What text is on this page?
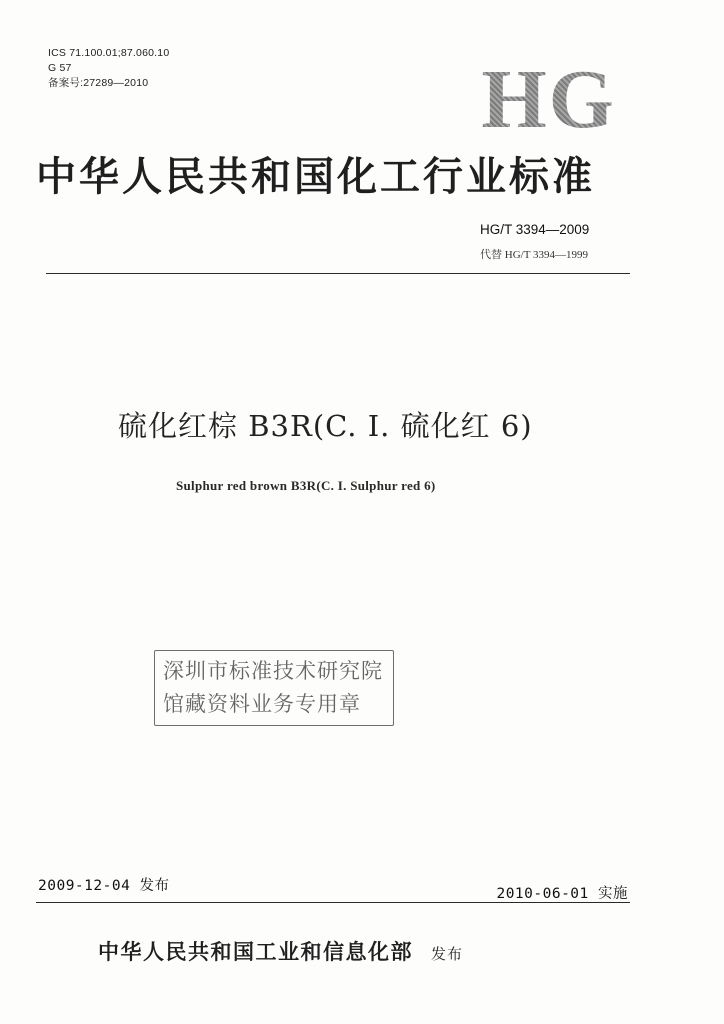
ICS 71.100.01;87.060.10
G 57
备案号:27289—2010	HG
中华人民共和国化工行业标准
HG/T 3394—2009
代替 HG/T 3394—1999
硫化红棕 B3R(C. I. 硫化红 6)
Sulphur red brown B3R(C. I. Sulphur red 6)
深圳市标准技术研究院
馆藏资料业务专用章
2009-12-04 发布	2010-06-01 实施
中华人民共和国工业和信息化部 发布
